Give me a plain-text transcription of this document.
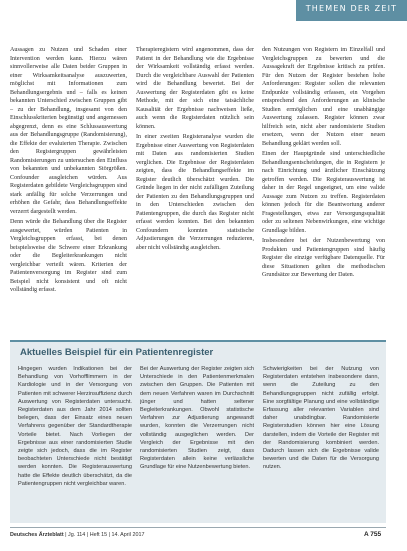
THEMEN DER ZEIT

Aussagen zu Nutzen und Schaden einer Intervention werden kann. Hierzu wären sinnvollerweise alle Daten beider Gruppen in einer Wirksamkeitsanalyse auszuwerten, möglichst mit Informationen zum Behandlungsergebnis und – falls es keinen bekannten Unterschied zwischen Gruppen gibt – zu der Behandlung, insgesamt von den Einschlusskriterien begünstigt und angemessen abgegrenzt, denn es eine Schlussauswertung aus der Behandlungsgruppe (Randomisierung), die Effekte der evaluierten Therapie. Zwischen den Registergruppen gewährleisten Randomisierungen zu untersuchen den Einfluss von bekannten und unbekannten Störgrößen. Confounder ausgleichen würden. Aus Registerdaten gebildete Vergleichsgruppen sind stark anfällig für solche Verzerrungen und erhöhen die Gefahr, dass Behandlungseffekte verzerrt dargestellt werden.

Denn würde die Behandlung über die Register ausgewertet, würden Patienten in Vergleichsgruppen erfasst, bei denen beispielsweise die Schwere einer Erkrankung oder die Begleiterkrankungen nicht vergleichbar verteilt wären. Kriterien der Patientenversorgung im Register sind zum Beispiel nicht konsistent und oft nicht vollständig erfasst.

Therapieregistern wird angenommen, dass der Patient in der Behandlung wie die Ergebnisse der Wirksamkeit vollständig erfasst werden. Durch die vergleichbare Auswahl der Patienten wird die Behandlung bewertet. Bei der Auswertung der Registerdaten gibt es keine Methode, mit der sich eine tatsächliche Kausalität der Ergebnisse nachweisen ließe, auch wenn die Registerdaten nützlich sein können.

In einer zweiten Registeranalyse wurden die Ergebnisse einer Auswertung von Registerdaten mit Daten aus randomisierten Studien verglichen. Die Ergebnisse der Registerdaten zeigten, dass die Behandlungseffekte im Register deutlich überschätzt wurden. Die Gründe liegen in der nicht zufälligen Zuteilung der Patienten zu den Behandlungsgruppen und in den Unterschieden zwischen den Patientengruppen, die durch das Register nicht erfasst werden konnten. Bei den bekannten Confoundern konnten statistische Adjustierungen die Verzerrungen reduzieren, aber nicht vollständig ausgleichen.

den Nutzungen von Registern im Einzelfall und Vergleichsgruppen zu bewerten und die Aussagekraft der Ergebnisse kritisch zu prüfen. Für den Nutzen der Register bestehen hohe Anforderungen: Register sollen die relevanten Endpunkte vollständig erfassen, ein Vorgehen entsprechend den Anforderungen an klinische Studien ermöglichen und eine unabhängige Auswertung zulassen. Register können zwar hilfreich sein, nicht aber randomisierte Studien ersetzen, wenn der Nutzen einer neuen Behandlung geklärt werden soll.

Einen der Hauptgründe sind unterschiedliche Behandlungsentscheidungen, die in Registern je nach Einrichtung und ärztlicher Einschätzung getroffen werden. Die Registerauswertung ist daher in der Regel ungeeignet, um eine valide Aussage zum Nutzen zu treffen. Registerdaten können jedoch für die Beantwortung anderer Fragestellungen, etwa zur Versorgungsqualität oder zu seltenen Nebenwirkungen, eine wichtige Grundlage bilden.

Insbesondere bei der Nutzenbewertung von Produkten und Patientengruppen sind häufig Register die einzige verfügbare Datenquelle. Für diese Situationen gelten die methodischen Grundsätze zur Bewertung der Daten.

Aktuelles Beispiel für ein Patientenregister
Hingegen wurden Indikationen bei der Behandlung von Vorhofflimmern in der Kardiologie und in der Versorgung von Patienten mit schwerer Herzinsuffizienz durch Auswertung von Registerdaten untersucht. Registerdaten aus dem Jahr 2014 sollten belegen, dass der Einsatz eines neuen Verfahrens gegenüber der Standardtherapie Vorteile bietet. Nach Vorliegen der Ergebnisse aus einer randomisierten Studie zeigte sich jedoch, dass die im Register beobachteten Unterschiede nicht bestätigt werden konnten. Die Registerauswertung hatte die Effekte deutlich überschätzt, da die Patientengruppen nicht vergleichbar waren.
Bei der Auswertung der Register zeigten sich Unterschiede in den Patientenmerkmalen zwischen den Gruppen. Die Patienten mit dem neuen Verfahren waren im Durchschnitt jünger und hatten seltener Begleiterkrankungen. Obwohl statistische Verfahren zur Adjustierung angewandt wurden, konnten die Verzerrungen nicht vollständig ausgeglichen werden. Der Vergleich der Ergebnisse mit den randomisierten Studien zeigt, dass Registerdaten allein keine verlässliche Grundlage für eine Nutzenbewertung bieten.
Schwierigkeiten bei der Nutzung von Registerdaten entstehen insbesondere dann, wenn die Zuteilung zu den Behandlungsgruppen nicht zufällig erfolgt. Eine sorgfältige Planung und eine vollständige Erfassung aller relevanten Variablen sind daher unabdingbar. Randomisierte Registerstudien können hier eine Lösung darstellen, indem die Vorteile der Register mit der Randomisierung kombiniert werden. Dadurch lassen sich die Ergebnisse valide bewerten und die Daten für die Versorgung nutzen.
Deutsches Ärzteblatt | Jg. 114 | Heft 15 | 14. April 2017	A 755
